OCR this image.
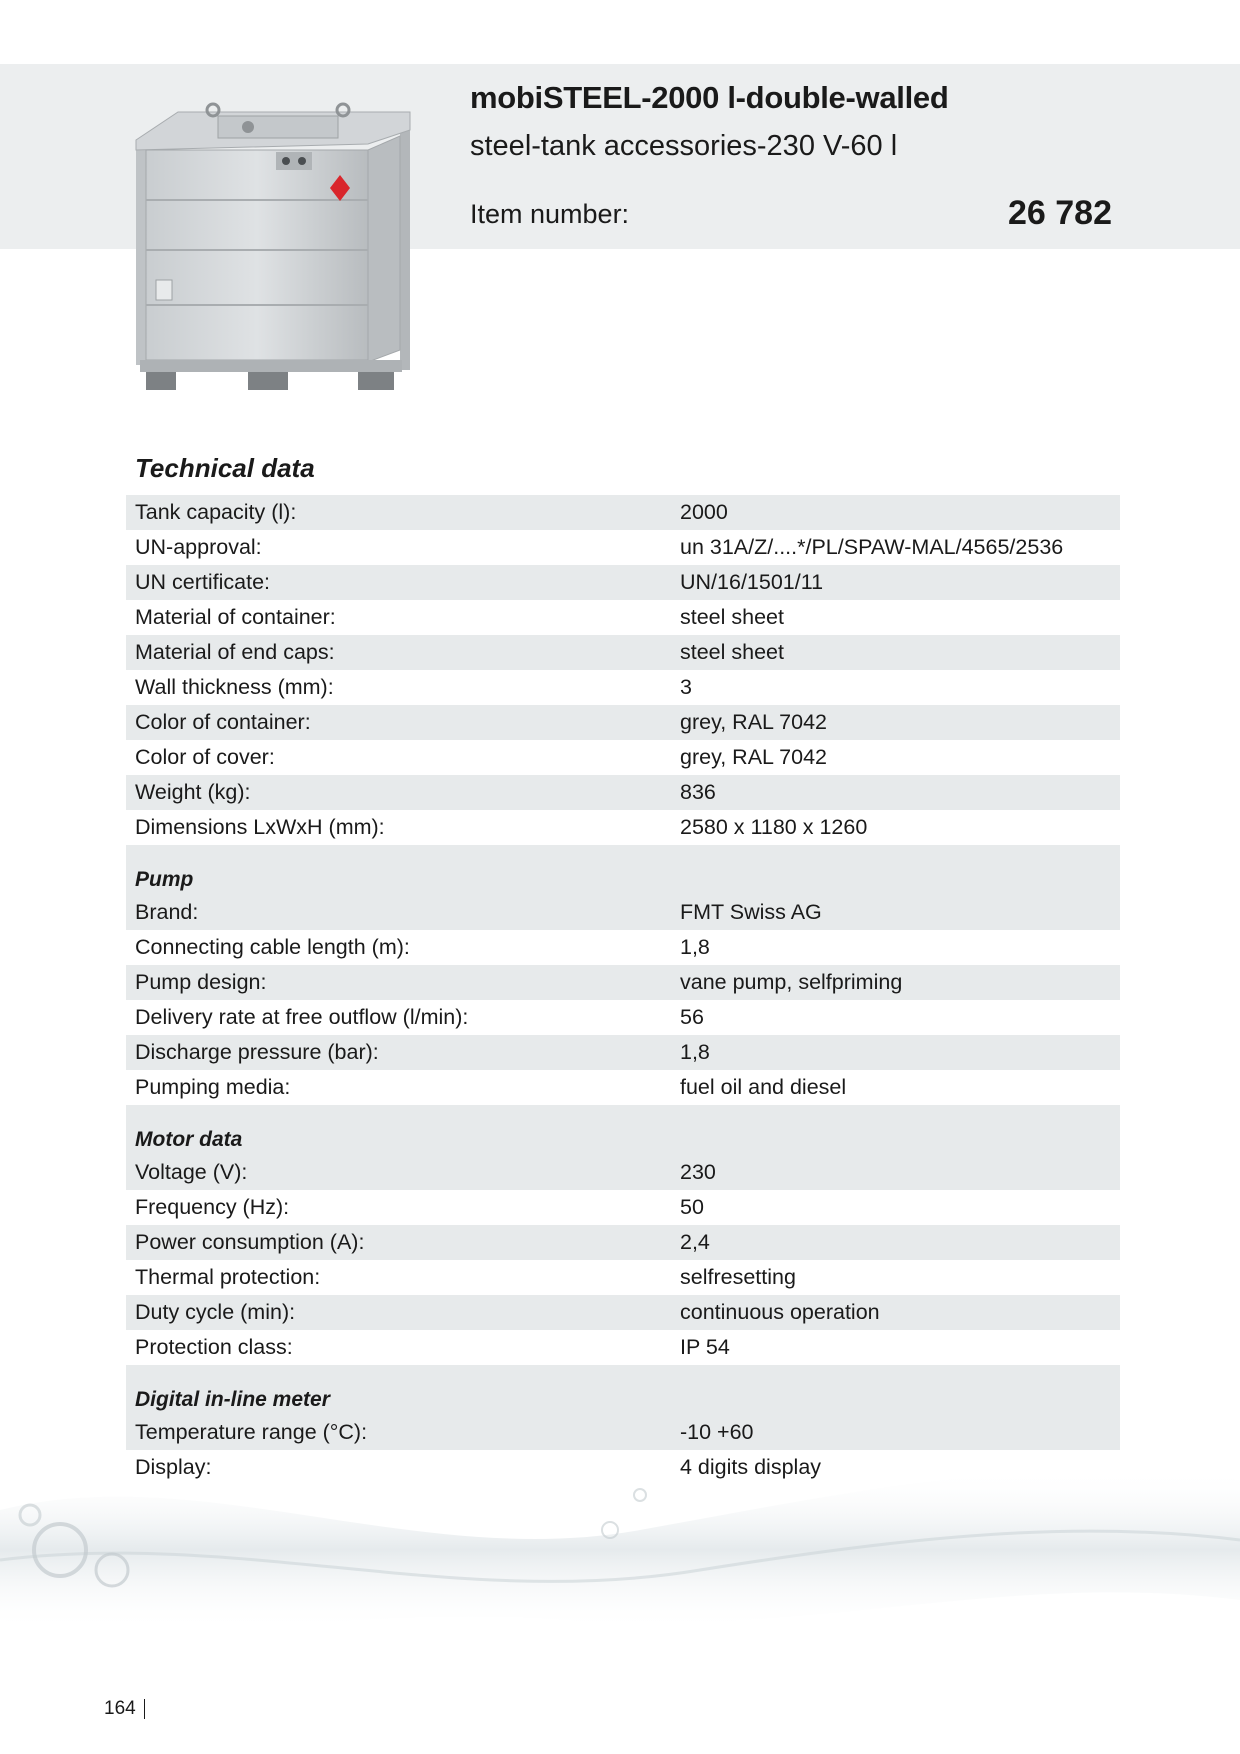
mobiSTEEL-2000 l-double-walled
steel-tank accessories-230 V-60 l
Item number:	26 782
Technical data
Tank capacity (l):	2000
UN-approval:	un 31A/Z/....*/PL/SPAW-MAL/4565/2536
UN certificate:	UN/16/1501/11
Material of container:	steel sheet
Material of end caps:	steel sheet
Wall thickness (mm):	3
Color of container:	grey, RAL 7042
Color of cover:	grey, RAL 7042
Weight (kg):	836
Dimensions LxWxH (mm):	2580 x 1180 x 1260
Pump
Brand:	FMT Swiss AG
Connecting cable length (m):	1,8
Pump design:	vane pump, selfpriming
Delivery rate at free outflow (l/min):	56
Discharge pressure (bar):	1,8
Pumping media:	fuel oil and diesel
Motor data
Voltage (V):	230
Frequency (Hz):	50
Power consumption (A):	2,4
Thermal protection:	selfresetting
Duty cycle (min):	continuous operation
Protection class:	IP 54
Digital in-line meter
Temperature range (°C):	-10 +60
Display:	4 digits display
164
